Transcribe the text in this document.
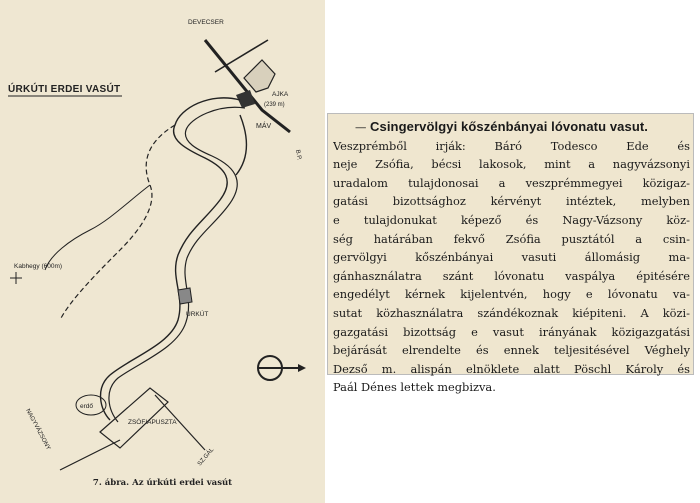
ÚRKÚTI ERDEI VASÚT
DEVECSER
AJKA
(239 m)
MÁV
B.P.
Kabhegy (600m)
ÚRKÚT
erdő
ZSÓFIAPUSZTA
NAGYVÁZSONY
SZ.GÁL
7. ábra. Az úrkúti erdei vasút
— Csingervölgyi kőszénbányai lóvonatu vasut.
Veszprémből irják: Báró Todesco Ede és
neje Zsófia, bécsi lakosok, mint a nagyvázsonyi
uradalom tulajdonosai a veszprémmegyei közigaz-
gatási bizottsághoz kérvényt intéztek, melyben
e tulajdonukat képező és Nagy-Vázsony köz-
ség határában fekvő Zsófia pusztától a csin-
gervölgyi kőszénbányai vasuti állomásig ma-
gánhasználatra szánt lóvonatu vaspálya épitésére
engedélyt kérnek kijelentvén, hogy e lóvonatu va-
sutat közhasználatra szándékoznak kiépiteni. A közi-
gazgatási bizottság e vasut irányának közigazgatási
bejárását elrendelte és ennek teljesitésével Véghely
Dezső m. alispán elnöklete alatt Pöschl Károly és
Paál Dénes lettek megbizva.
